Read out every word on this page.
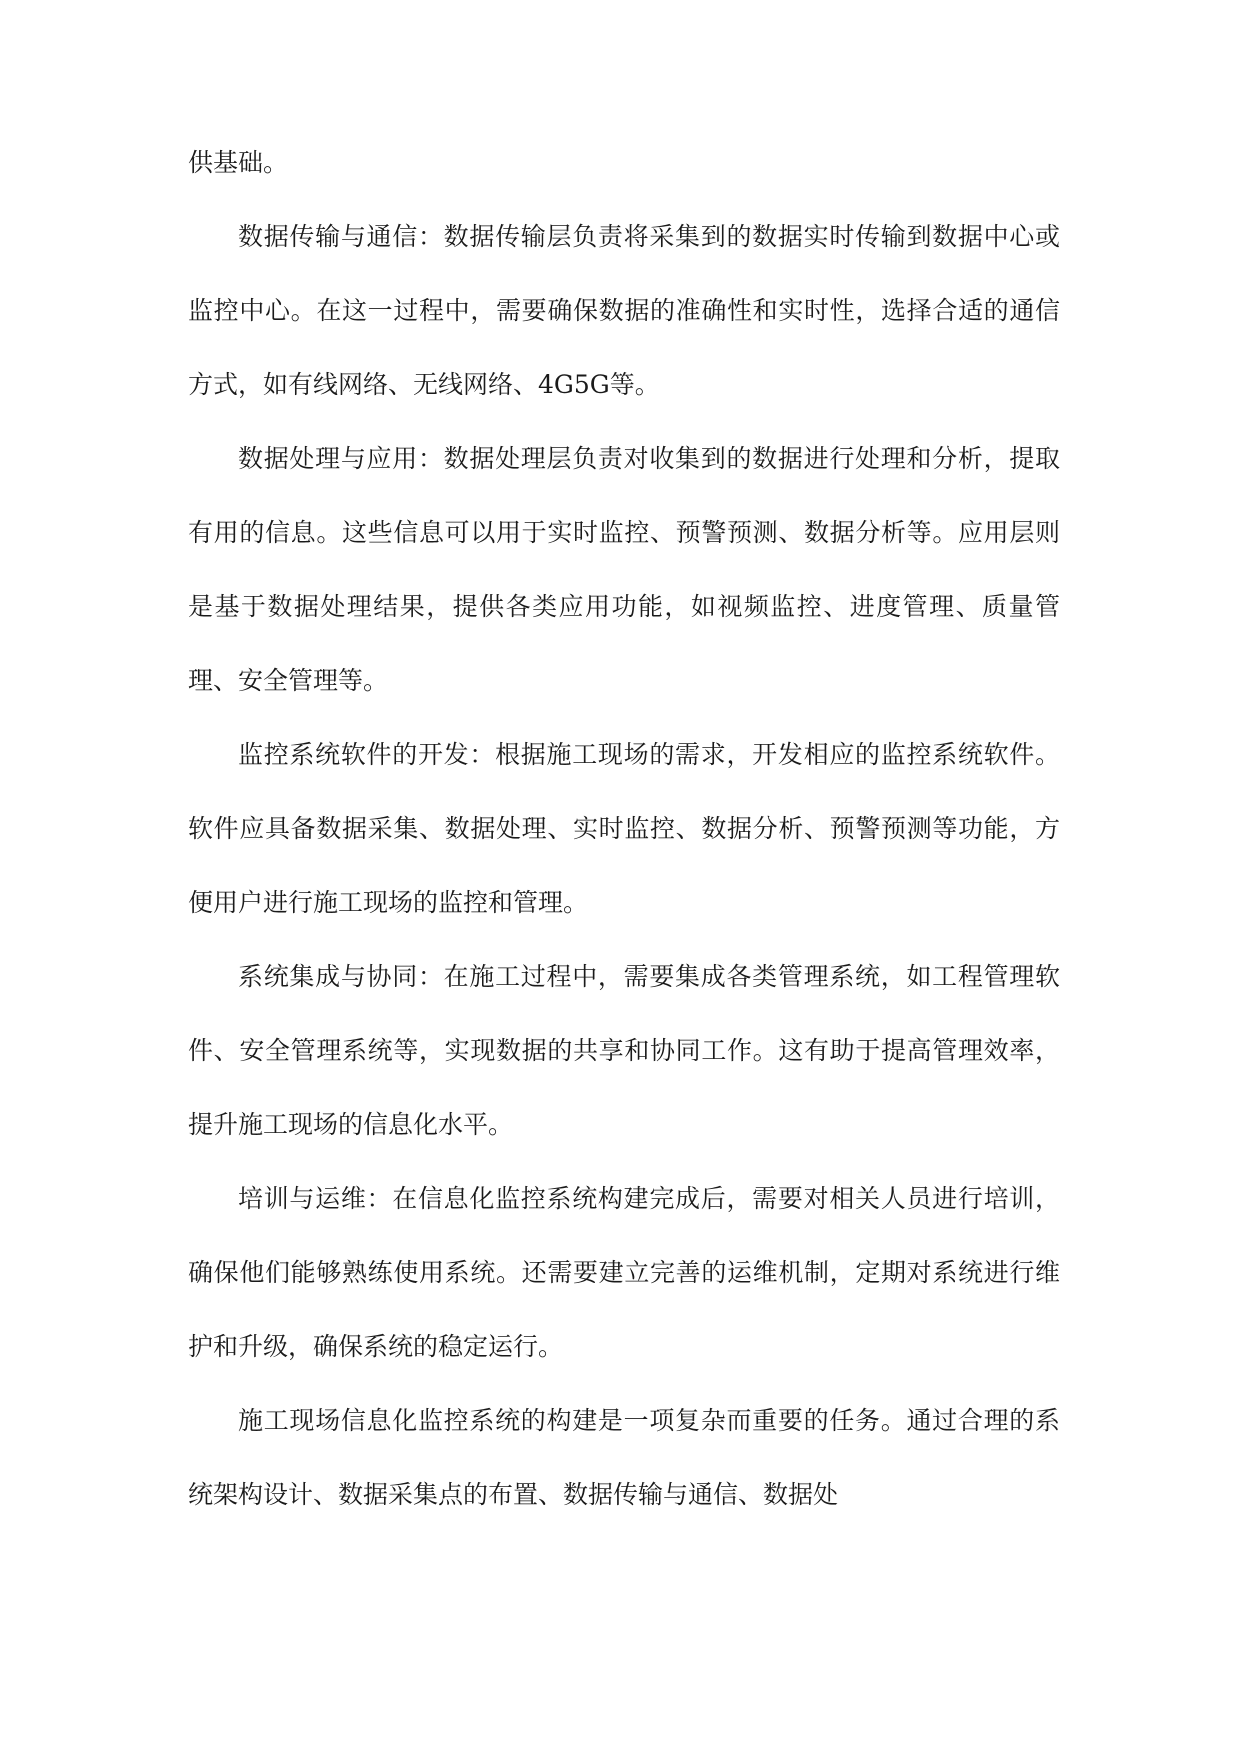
供基础。

数据传输与通信：数据传输层负责将采集到的数据实时传输到数据中心或监控中心。在这一过程中，需要确保数据的准确性和实时性，选择合适的通信方式，如有线网络、无线网络、4G5G等。

数据处理与应用：数据处理层负责对收集到的数据进行处理和分析，提取有用的信息。这些信息可以用于实时监控、预警预测、数据分析等。应用层则是基于数据处理结果，提供各类应用功能，如视频监控、进度管理、质量管理、安全管理等。

监控系统软件的开发：根据施工现场的需求，开发相应的监控系统软件。软件应具备数据采集、数据处理、实时监控、数据分析、预警预测等功能，方便用户进行施工现场的监控和管理。

系统集成与协同：在施工过程中，需要集成各类管理系统，如工程管理软件、安全管理系统等，实现数据的共享和协同工作。这有助于提高管理效率，提升施工现场的信息化水平。

培训与运维：在信息化监控系统构建完成后，需要对相关人员进行培训，确保他们能够熟练使用系统。还需要建立完善的运维机制，定期对系统进行维护和升级，确保系统的稳定运行。

施工现场信息化监控系统的构建是一项复杂而重要的任务。通过合理的系统架构设计、数据采集点的布置、数据传输与通信、数据处
